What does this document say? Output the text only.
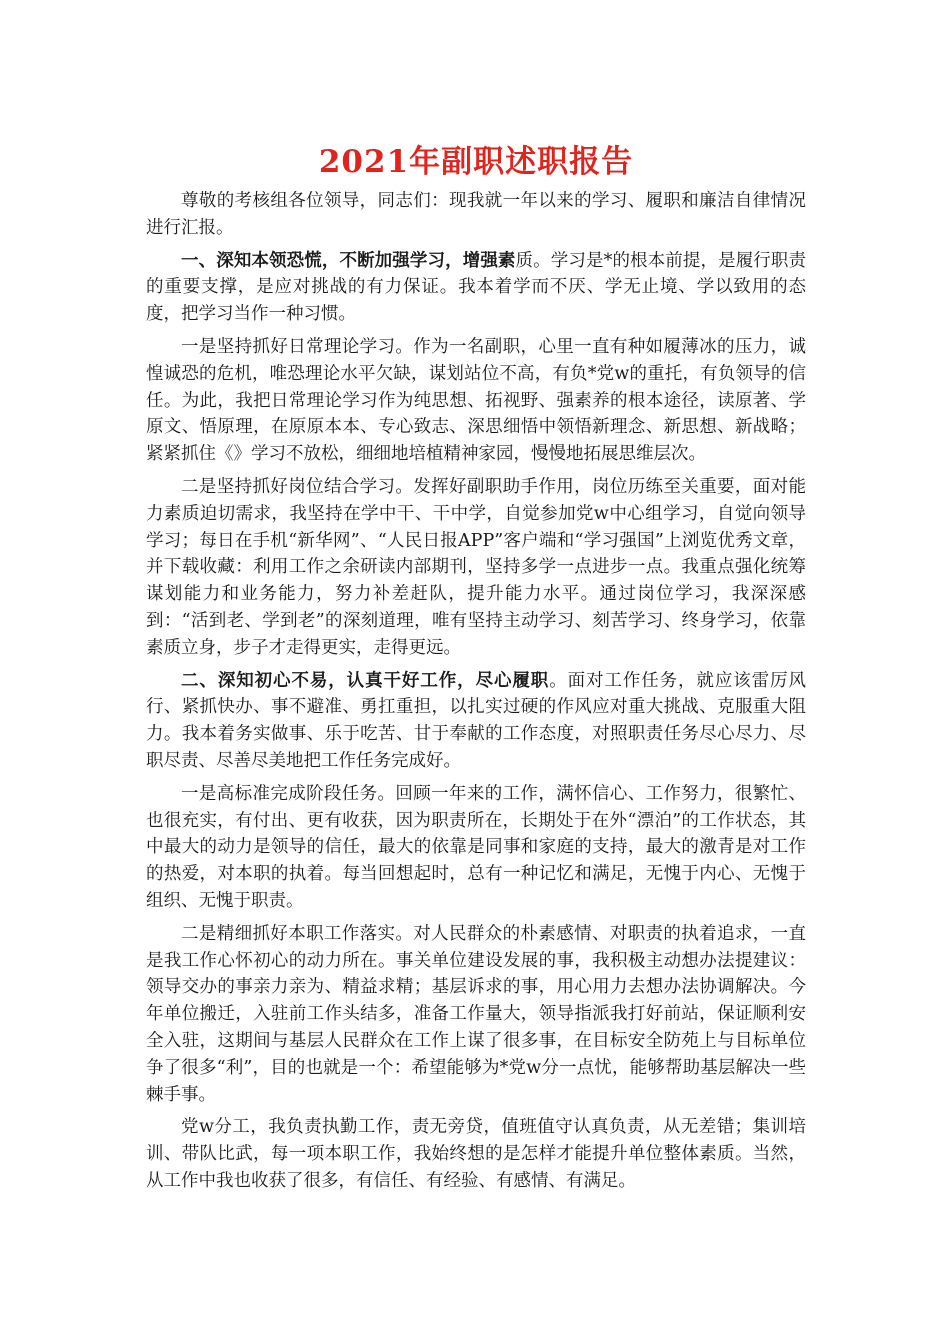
2021年副职述职报告

尊敬的考核组各位领导，同志们：现我就一年以来的学习、履职和廉洁自律情况进行汇报。

一、深知本领恐慌，不断加强学习，增强素质。学习是*的根本前提，是履行职责的重要支撑，是应对挑战的有力保证。我本着学而不厌、学无止境、学以致用的态度，把学习当作一种习惯。

一是坚持抓好日常理论学习。作为一名副职，心里一直有种如履薄冰的压力，诚惶诚恐的危机，唯恐理论水平欠缺，谋划站位不高，有负*党w的重托，有负领导的信任。为此，我把日常理论学习作为纯思想、拓视野、强素养的根本途径，读原著、学原文、悟原理，在原原本本、专心致志、深思细悟中领悟新理念、新思想、新战略；紧紧抓住《》学习不放松，细细地培植精神家园，慢慢地拓展思维层次。

二是坚持抓好岗位结合学习。发挥好副职助手作用，岗位历练至关重要，面对能力素质迫切需求，我坚持在学中干、干中学，自觉参加党w中心组学习，自觉向领导学习；每日在手机“新华网”、“人民日报APP”客户端和“学习强国”上浏览优秀文章，并下载收藏：利用工作之余研读内部期刊，坚持多学一点进步一点。我重点强化统筹谋划能力和业务能力，努力补差赶队，提升能力水平。通过岗位学习，我深深感到：“活到老、学到老”的深刻道理，唯有坚持主动学习、刻苦学习、终身学习，依靠素质立身，步子才走得更实，走得更远。

二、深知初心不易，认真干好工作，尽心履职。面对工作任务，就应该雷厉风行、紧抓快办、事不避准、勇扛重担，以扎实过硬的作风应对重大挑战、克服重大阻力。我本着务实做事、乐于吃苦、甘于奉献的工作态度，对照职责任务尽心尽力、尽职尽责、尽善尽美地把工作任务完成好。

一是高标准完成阶段任务。回顾一年来的工作，满怀信心、工作努力，很繁忙、也很充实，有付出、更有收获，因为职责所在，长期处于在外“漂泊”的工作状态，其中最大的动力是领导的信任，最大的依靠是同事和家庭的支持，最大的激青是对工作的热爱，对本职的执着。每当回想起时，总有一种记忆和满足，无愧于内心、无愧于组织、无愧于职责。

二是精细抓好本职工作落实。对人民群众的朴素感情、对职责的执着追求，一直是我工作心怀初心的动力所在。事关单位建设发展的事，我积极主动想办法提建议：领导交办的事亲力亲为、精益求精；基层诉求的事，用心用力去想办法协调解决。今年单位搬迁，入驻前工作头结多，准备工作量大，领导指派我打好前站，保证顺利安全入驻，这期间与基层人民群众在工作上谋了很多事，在目标安全防苑上与目标单位争了很多“利”，目的也就是一个：希望能够为*党w分一点忧，能够帮助基层解决一些棘手事。

党w分工，我负责执勤工作，责无旁贷，值班值守认真负责，从无差错；集训培训、带队比武，每一项本职工作，我始终想的是怎样才能提升单位整体素质。当然，从工作中我也收获了很多，有信任、有经验、有感情、有满足。
